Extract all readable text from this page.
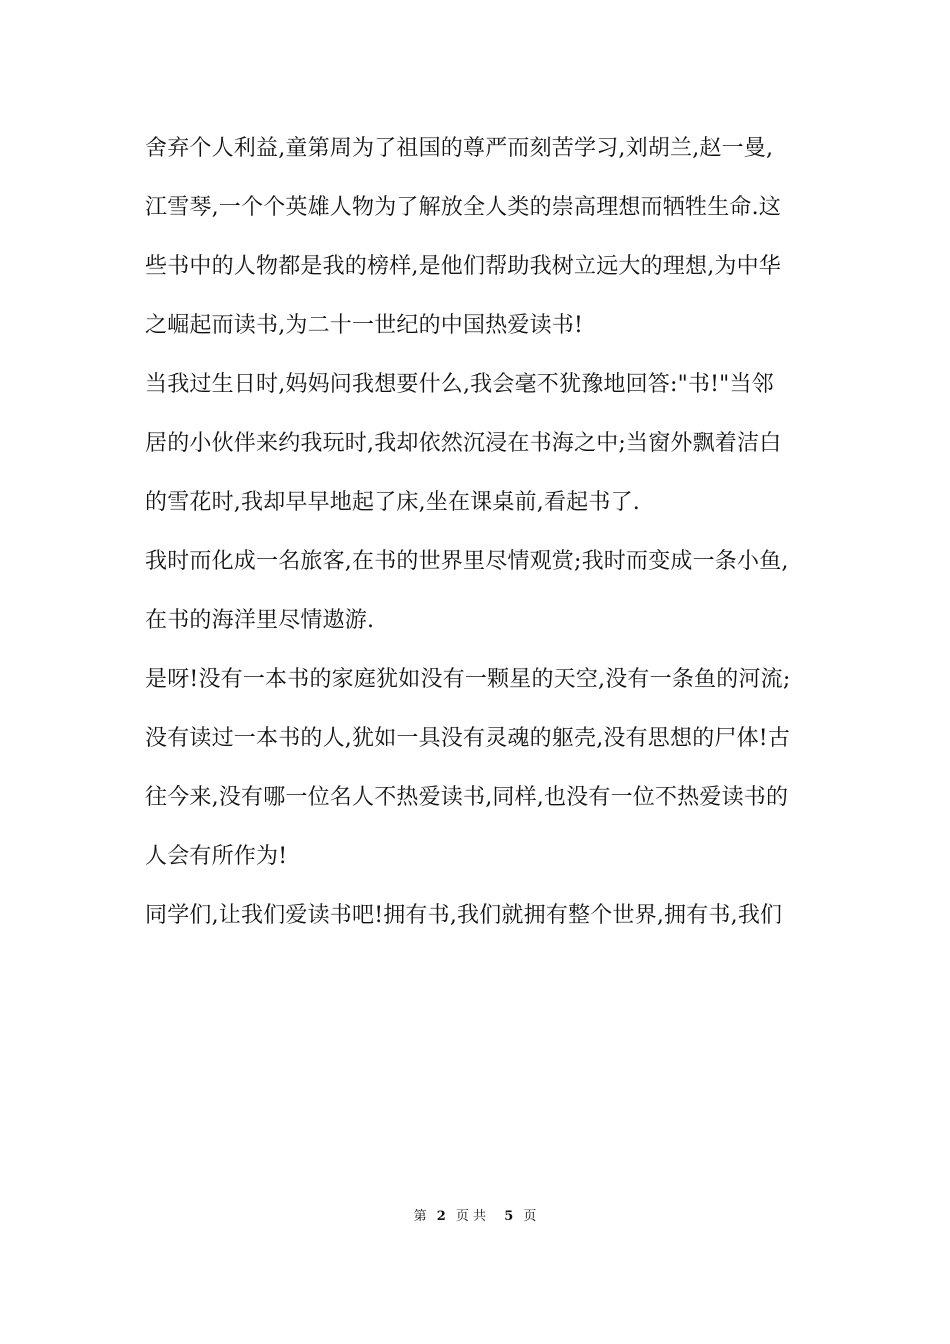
舍弃个人利益,童第周为了祖国的尊严而刻苦学习,刘胡兰,赵一曼,
江雪琴,一个个英雄人物为了解放全人类的崇高理想而牺牲生命.这
些书中的人物都是我的榜样,是他们帮助我树立远大的理想,为中华
之崛起而读书,为二十一世纪的中国热爱读书!
当我过生日时,妈妈问我想要什么,我会毫不犹豫地回答:"书!"当邻
居的小伙伴来约我玩时,我却依然沉浸在书海之中;当窗外飘着洁白
的雪花时,我却早早地起了床,坐在课桌前,看起书了.
我时而化成一名旅客,在书的世界里尽情观赏;我时而变成一条小鱼,
在书的海洋里尽情遨游.
是呀!没有一本书的家庭犹如没有一颗星的天空,没有一条鱼的河流;
没有读过一本书的人,犹如一具没有灵魂的躯壳,没有思想的尸体!古
往今来,没有哪一位名人不热爱读书,同样,也没有一位不热爱读书的
人会有所作为!
同学们,让我们爱读书吧!拥有书,我们就拥有整个世界,拥有书,我们
第 2 页 共 5 页
